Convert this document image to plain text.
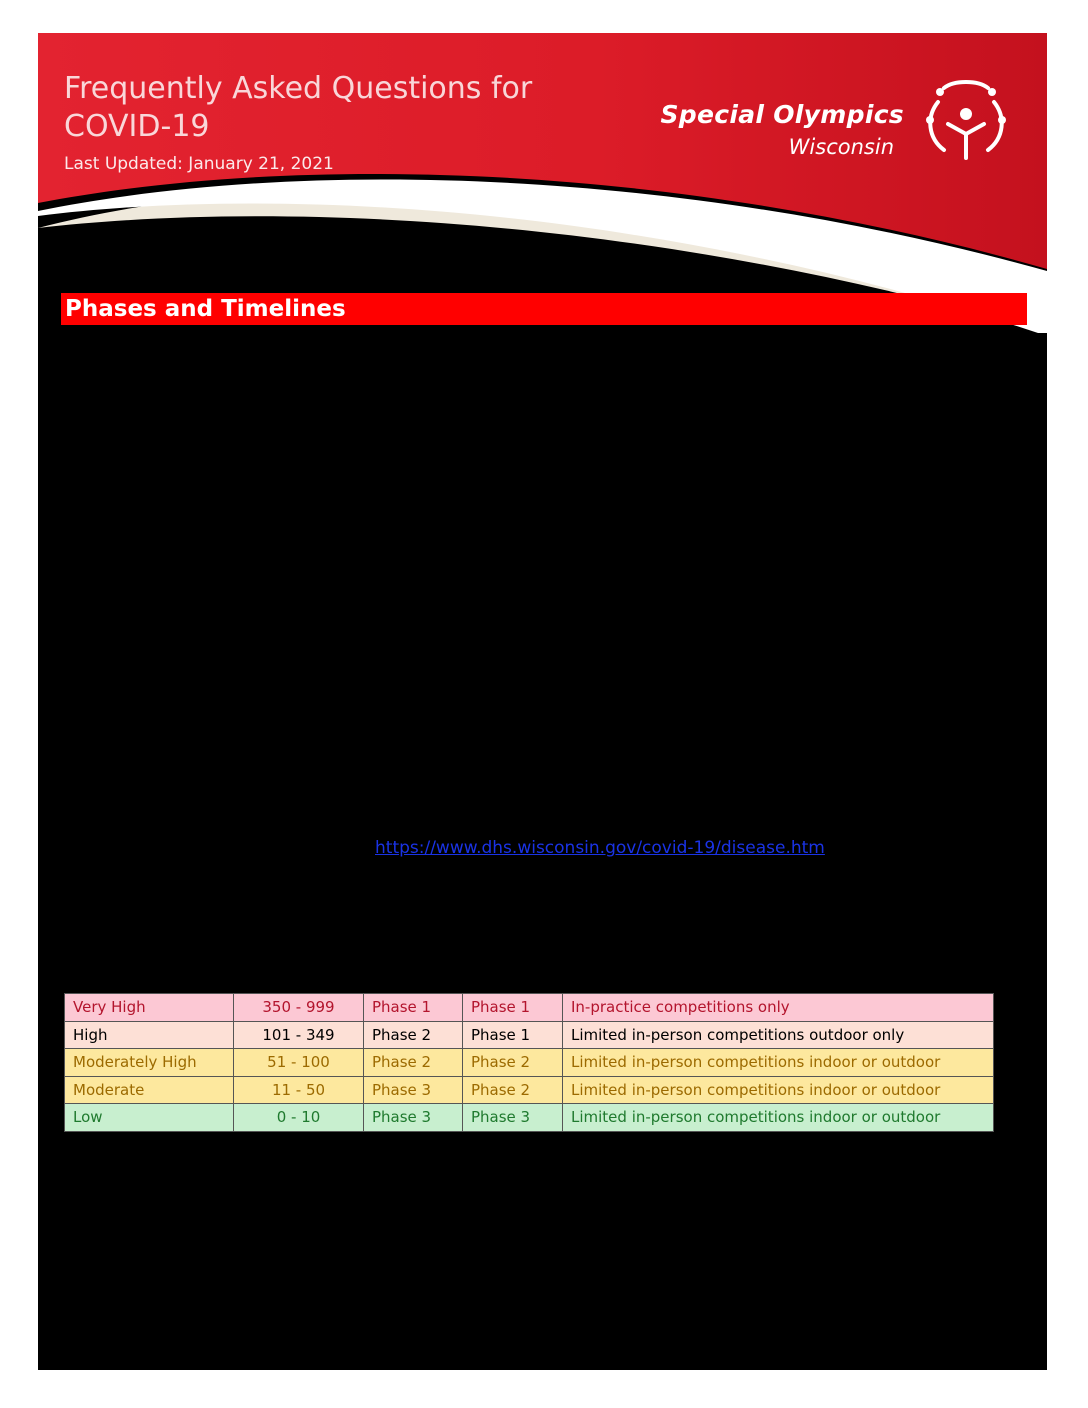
Frequently Asked Questions for COVID-19
Last Updated: January 21, 2021
Special Olympics
Wisconsin
Phases and Timelines
https://www.dhs.wisconsin.gov/covid-19/disease.htm
Very High	350 - 999	Phase 1	Phase 1	In-practice competitions only
High	101 - 349	Phase 2	Phase 1	Limited in-person competitions outdoor only
Moderately High	51 - 100	Phase 2	Phase 2	Limited in-person competitions indoor or outdoor
Moderate	11 - 50	Phase 3	Phase 2	Limited in-person competitions indoor or outdoor
Low	0 - 10	Phase 3	Phase 3	Limited in-person competitions indoor or outdoor
